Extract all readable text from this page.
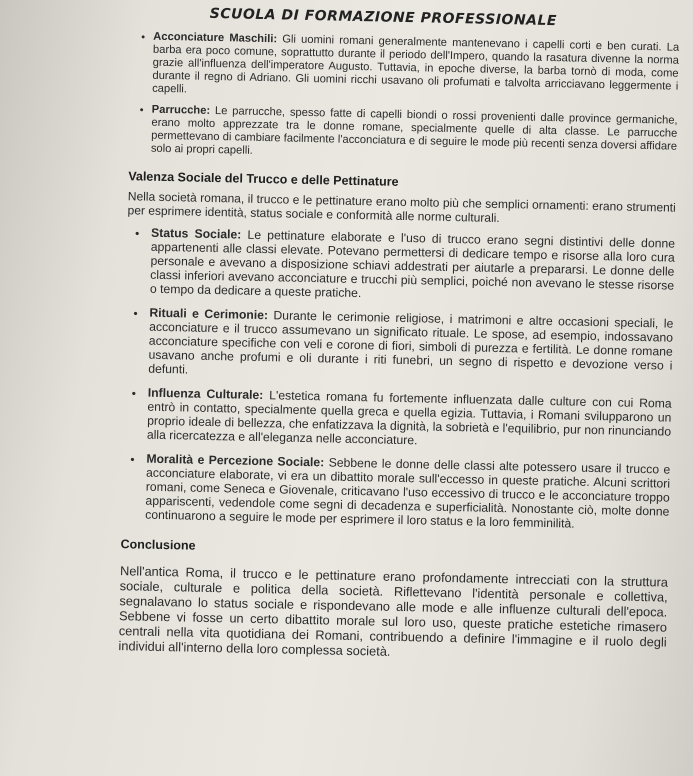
SCUOLA DI FORMAZIONE PROFESSIONALE
• Acconciature Maschili: Gli uomini romani generalmente mantenevano i capelli corti e ben curati. La barba era poco comune, soprattutto durante il periodo dell'Impero, quando la rasatura divenne la norma grazie all'influenza dell'imperatore Augusto. Tuttavia, in epoche diverse, la barba tornò di moda, come durante il regno di Adriano. Gli uomini ricchi usavano oli profumati e talvolta arricciavano leggermente i capelli.
• Parrucche: Le parrucche, spesso fatte di capelli biondi o rossi provenienti dalle province germaniche, erano molto apprezzate tra le donne romane, specialmente quelle di alta classe. Le parrucche permettevano di cambiare facilmente l'acconciatura e di seguire le mode più recenti senza doversi affidare solo ai propri capelli.
Valenza Sociale del Trucco e delle Pettinature
Nella società romana, il trucco e le pettinature erano molto più che semplici ornamenti: erano strumenti per esprimere identità, status sociale e conformità alle norme culturali.
• Status Sociale: Le pettinature elaborate e l'uso di trucco erano segni distintivi delle donne appartenenti alle classi elevate. Potevano permettersi di dedicare tempo e risorse alla loro cura personale e avevano a disposizione schiavi addestrati per aiutarle a prepararsi. Le donne delle classi inferiori avevano acconciature e trucchi più semplici, poiché non avevano le stesse risorse o tempo da dedicare a queste pratiche.
• Rituali e Cerimonie: Durante le cerimonie religiose, i matrimoni e altre occasioni speciali, le acconciature e il trucco assumevano un significato rituale. Le spose, ad esempio, indossavano acconciature specifiche con veli e corone di fiori, simboli di purezza e fertilità. Le donne romane usavano anche profumi e oli durante i riti funebri, un segno di rispetto e devozione verso i defunti.
• Influenza Culturale: L'estetica romana fu fortemente influenzata dalle culture con cui Roma entrò in contatto, specialmente quella greca e quella egizia. Tuttavia, i Romani svilupparono un proprio ideale di bellezza, che enfatizzava la dignità, la sobrietà e l'equilibrio, pur non rinunciando alla ricercatezza e all'eleganza nelle acconciature.
• Moralità e Percezione Sociale: Sebbene le donne delle classi alte potessero usare il trucco e acconciature elaborate, vi era un dibattito morale sull'eccesso in queste pratiche. Alcuni scrittori romani, come Seneca e Giovenale, criticavano l'uso eccessivo di trucco e le acconciature troppo appariscenti, vedendole come segni di decadenza e superficialità. Nonostante ciò, molte donne continuarono a seguire le mode per esprimere il loro status e la loro femminilità.
Conclusione
Nell'antica Roma, il trucco e le pettinature erano profondamente intrecciati con la struttura sociale, culturale e politica della società. Riflettevano l'identità personale e collettiva, segnalavano lo status sociale e rispondevano alle mode e alle influenze culturali dell'epoca. Sebbene vi fosse un certo dibattito morale sul loro uso, queste pratiche estetiche rimasero centrali nella vita quotidiana dei Romani, contribuendo a definire l'immagine e il ruolo degli individui all'interno della loro complessa società.
